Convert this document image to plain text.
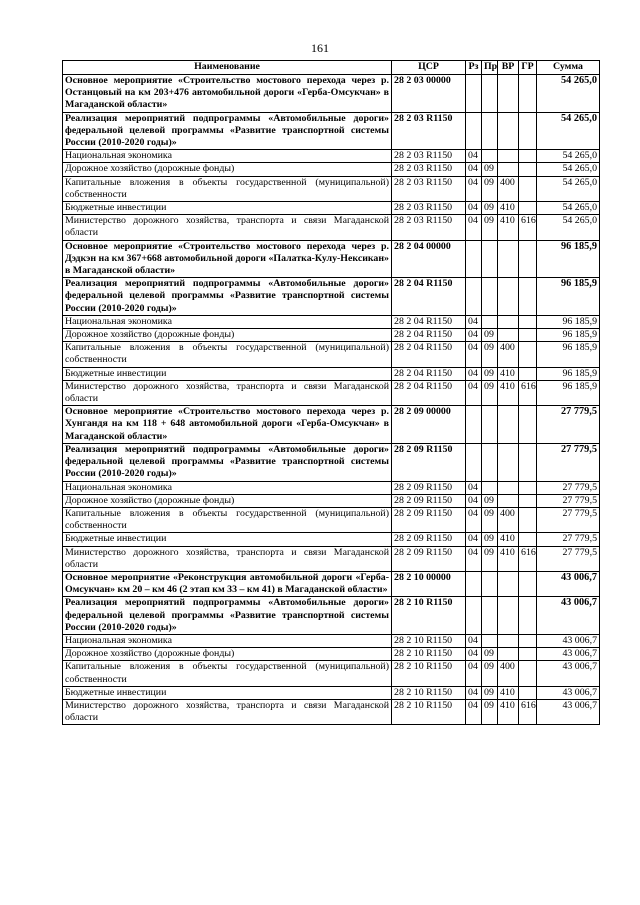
161
Наименование	ЦСР	Рз	Пр	ВР	ГР	Сумма
Основное мероприятие «Строительство мостового перехода через р. Останцовый на км 203+476 автомобильной дороги «Герба-Омсукчан» в Магаданской области»	28 2 03 00000					54 265,0
Реализация мероприятий подпрограммы «Автомобильные дороги» федеральной целевой программы «Развитие транспортной системы России (2010-2020 годы)»	28 2 03 R1150					54 265,0
Национальная экономика	28 2 03 R1150	04				54 265,0
Дорожное хозяйство (дорожные фонды)	28 2 03 R1150	04	09			54 265,0
Капитальные вложения в объекты государственной (муниципальной) собственности	28 2 03 R1150	04	09	400		54 265,0
Бюджетные инвестиции	28 2 03 R1150	04	09	410		54 265,0
Министерство дорожного хозяйства, транспорта и связи Магаданской области	28 2 03 R1150	04	09	410	616	54 265,0
Основное мероприятие «Строительство мостового перехода через р. Дэдкэн на км 367+668 автомобильной дороги «Палатка-Кулу-Нексикан» в Магаданской области»	28 2 04 00000					96 185,9
Реализация мероприятий подпрограммы «Автомобильные дороги» федеральной целевой программы «Развитие транспортной системы России (2010-2020 годы)»	28 2 04 R1150					96 185,9
Национальная экономика	28 2 04 R1150	04				96 185,9
Дорожное хозяйство (дорожные фонды)	28 2 04 R1150	04	09			96 185,9
Капитальные вложения в объекты государственной (муниципальной) собственности	28 2 04 R1150	04	09	400		96 185,9
Бюджетные инвестиции	28 2 04 R1150	04	09	410		96 185,9
Министерство дорожного хозяйства, транспорта и связи Магаданской области	28 2 04 R1150	04	09	410	616	96 185,9
Основное мероприятие «Строительство мостового перехода через р. Хунгандя на км 118 + 648 автомобильной дороги «Герба-Омсукчан» в Магаданской области»	28 2 09 00000					27 779,5
Реализация мероприятий подпрограммы «Автомобильные дороги» федеральной целевой программы «Развитие транспортной системы России (2010-2020 годы)»	28 2 09 R1150					27 779,5
Национальная экономика	28 2 09 R1150	04				27 779,5
Дорожное хозяйство (дорожные фонды)	28 2 09 R1150	04	09			27 779,5
Капитальные вложения в объекты государственной (муниципальной) собственности	28 2 09 R1150	04	09	400		27 779,5
Бюджетные инвестиции	28 2 09 R1150	04	09	410		27 779,5
Министерство дорожного хозяйства, транспорта и связи Магаданской области	28 2 09 R1150	04	09	410	616	27 779,5
Основное мероприятие «Реконструкция автомобильной дороги «Герба-Омсукчан» км 20 – км 46 (2 этап км 33 – км 41) в Магаданской области»	28 2 10 00000					43 006,7
Реализация мероприятий подпрограммы «Автомобильные дороги» федеральной целевой программы «Развитие транспортной системы России (2010-2020 годы)»	28 2 10 R1150					43 006,7
Национальная экономика	28 2 10 R1150	04				43 006,7
Дорожное хозяйство (дорожные фонды)	28 2 10 R1150	04	09			43 006,7
Капитальные вложения в объекты государственной (муниципальной) собственности	28 2 10 R1150	04	09	400		43 006,7
Бюджетные инвестиции	28 2 10 R1150	04	09	410		43 006,7
Министерство дорожного хозяйства, транспорта и связи Магаданской области	28 2 10 R1150	04	09	410	616	43 006,7
